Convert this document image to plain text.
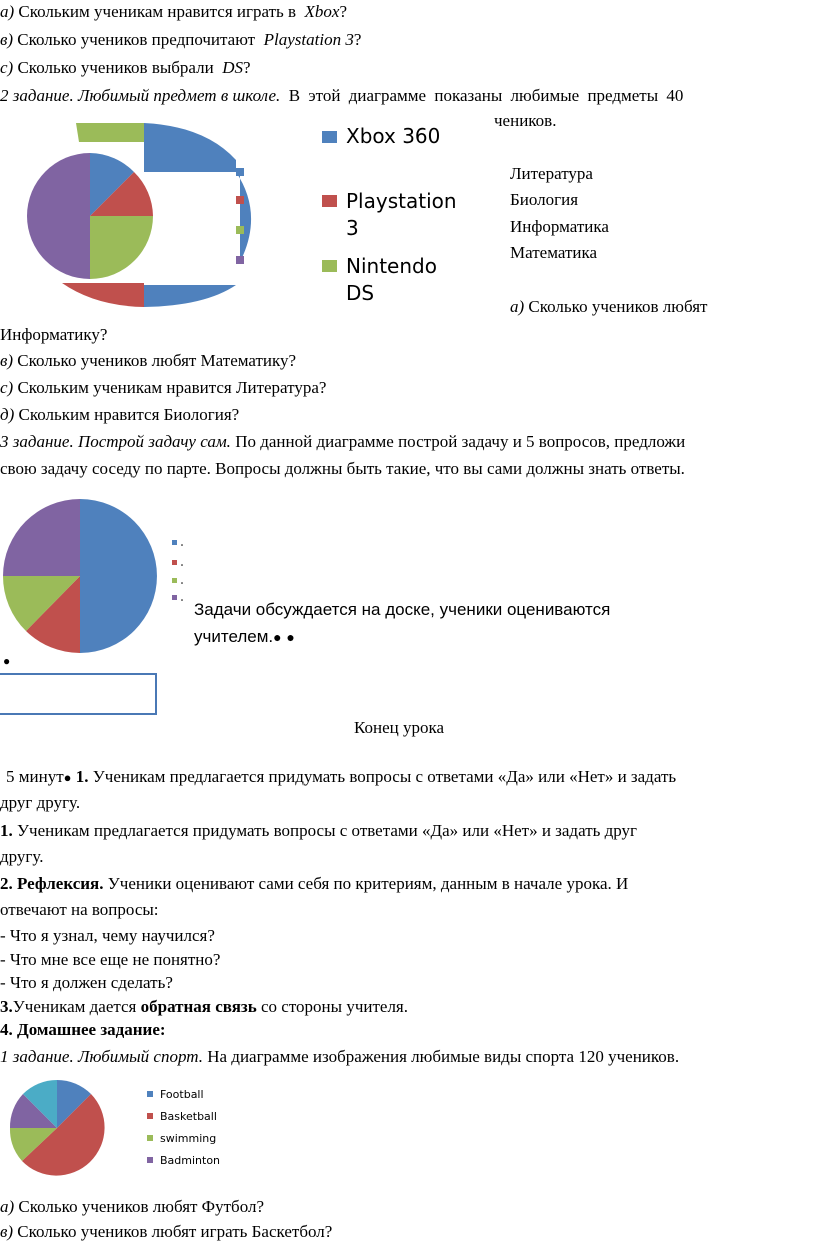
а) Скольким ученикам нравится играть в Xbox?
в) Сколько учеников предпочитают Playstation 3?
с) Сколько учеников выбрали DS?
2 задание. Любимый предмет в школе. В этой диаграмме показаны любимые предметы 40
чеников.
Xbox 360
Playstation
3
Nintendo
DS
Литература
Биология
Информатика
Математика
а) Сколько учеников любят
Информатику?
в) Сколько учеников любят Математику?
с) Скольким ученикам нравится Литература?
д) Скольким нравится Биология?
3 задание. Построй задачу сам. По данной диаграмме построй задачу и 5 вопросов, предложи
свою задачу соседу по парте. Вопросы должны быть такие, что вы сами должны знать ответы.
Задачи обсуждается на доске, ученики оцениваются
учителем.● ●
●
Конец урока
5 минут● 1. Ученикам предлагается придумать вопросы с ответами «Да» или «Нет» и задать
друг другу.
1. Ученикам предлагается придумать вопросы с ответами «Да» или «Нет» и задать друг
другу.
2. Рефлексия. Ученики оценивают сами себя по критериям, данным в начале урока. И
отвечают на вопросы:
- Что я узнал, чему научился?
- Что мне все еще не понятно?
- Что я должен сделать?
3.Ученикам дается обратная связь со стороны учителя.
4. Домашнее задание:
1 задание. Любимый спорт. На диаграмме изображения любимые виды спорта 120 учеников.
Football
Basketball
swimming
Badminton
а) Сколько учеников любят Футбол?
в) Сколько учеников любят играть Баскетбол?
